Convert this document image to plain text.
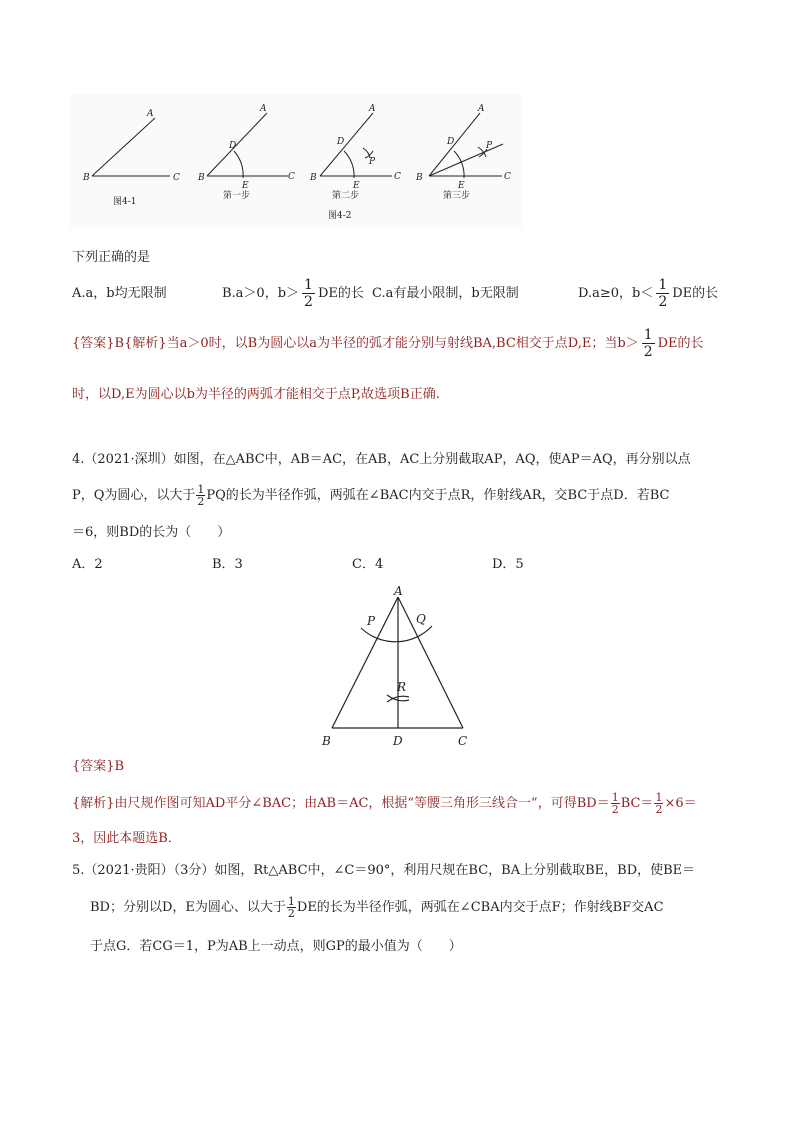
A
B	C
A
B	C
D
E
A
B	C
D
E
P
A
B	C
D
E
P
图4-1
第一步	第二步	第三步
图4-2
下列正确的是
A.a，b均无限制	B.a＞0，$b> \frac{1}{2}$ DE的长 C.a有最小限制，b无限制	D.a≥0，$b< \frac{1}{2}$ DE的长
{答案}B{解析}当a＞0时，以B为圆心以a为半径的弧才能分别与射线BA,BC相交于点D,E；当$b> \frac{1}{2}$ DE的长
时，以D,E为圆心以b为半径的两弧才能相交于点P,故选项B正确.
4.（2021·深圳）如图，在△ABC中，AB＝AC，在AB，AC上分别截取AP，AQ，使AP＝AQ，再分别以点
P，Q为圆心，以大于 $\frac{1}{2}$ PQ的长为半径作弧，两弧在∠BAC内交于点R，作射线AR，交BC于点D．若BC
＝6，则BD的长为（　　）
A．2	B．3	C．4	D．5
A
B	C
D
P	Q
R
{答案}B
{解析}由尺规作图可知AD平分∠BAC；由AB＝AC，根据“等腰三角形三线合一”，可得$BD= \frac{1}{2} BC= \frac{1}{2} \times 6=$
3，因此本题选B．
5.（2021·贵阳）（3分）如图，Rt△ABC中，∠C＝90°，利用尺规在BC，BA上分别截取BE，BD，使BE＝
BD；分别以D，E为圆心、以大于 $\frac{1}{2}$ DE的长为半径作弧，两弧在∠CBA内交于点F；作射线BF交AC
于点G．若CG＝1，P为AB上一动点，则GP的最小值为（　　）
